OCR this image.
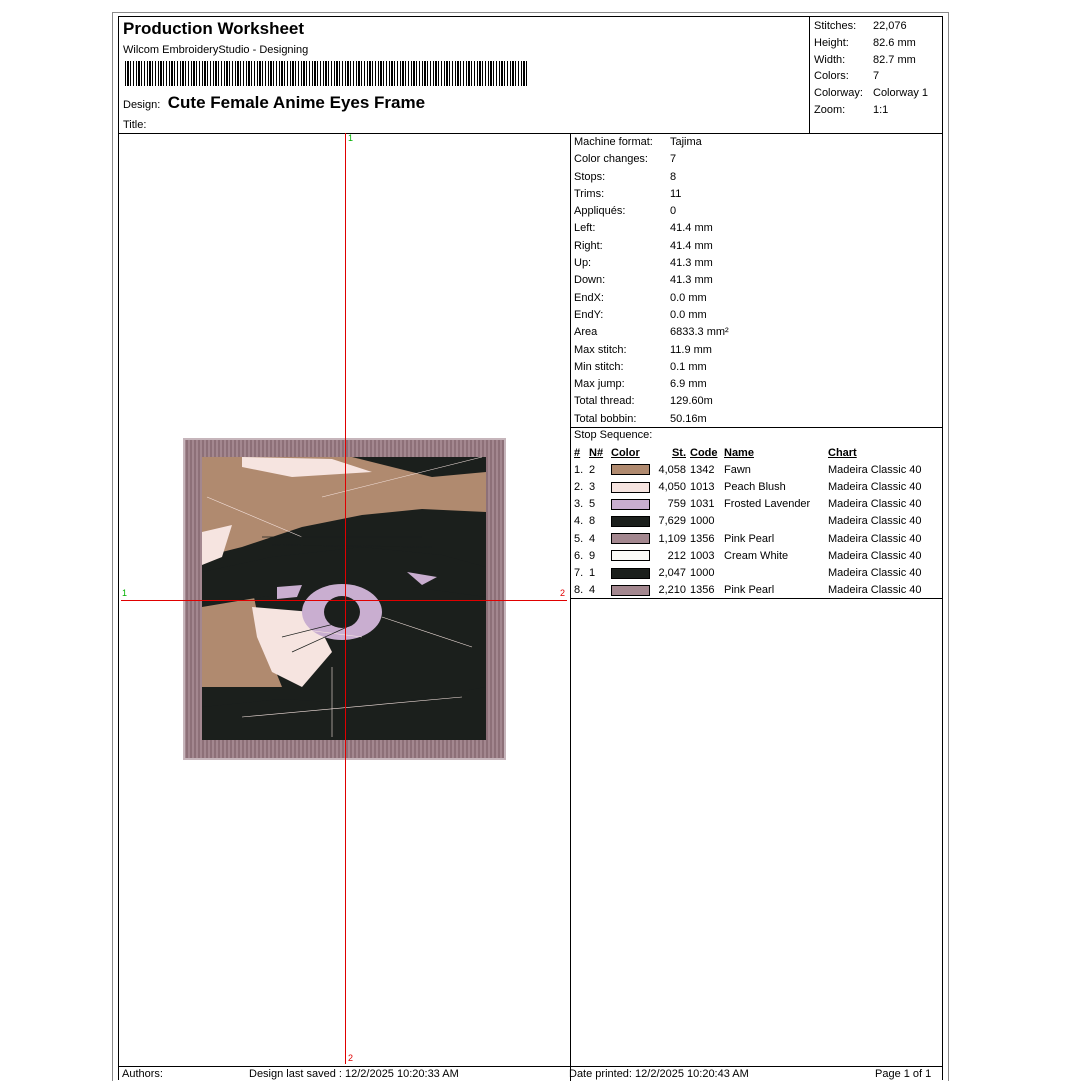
Production Worksheet
Wilcom EmbroideryStudio - Designing
Design: Cute Female Anime Eyes Frame
Title:
Stitches: 22,076
Height: 82.6 mm
Width:	82.7 mm
Colors: 7
Colorway: Colorway 1
Zoom:	1:1
Machine format: Tajima
Color changes: 7
Stops:	8
Trims:	11
Appliqués:	0
Left:	41.4 mm
Right:	41.4 mm
Up:	41.3 mm
Down:	41.3 mm
EndX:	0.0 mm
EndY:	0.0 mm
Area	6833.3 mm²
Max stitch:	11.9 mm
Min stitch:	0.1 mm
Max jump:	6.9 mm
Total thread:	129.60m
Total bobbin:	50.16m
Stop Sequence:
#	N#	Color	St.	Code	Name	Chart
1.	2		4,058	1342	Fawn	Madeira Classic 40
2.	3		4,050	1013	Peach Blush	Madeira Classic 40
3.	5		759	1031	Frosted Lavender	Madeira Classic 40
4.	8		7,629	1000		Madeira Classic 40
5.	4		1,109	1356	Pink Pearl	Madeira Classic 40
6.	9		212	1003	Cream White	Madeira Classic 40
7.	1		2,047	1000		Madeira Classic 40
8.	4		2,210	1356	Pink Pearl	Madeira Classic 40
1
2
1	2
Authors:	Design last saved : 12/2/2025 10:20:33 AM	Date printed: 12/2/2025 10:20:43 AM	Page 1 of 1
